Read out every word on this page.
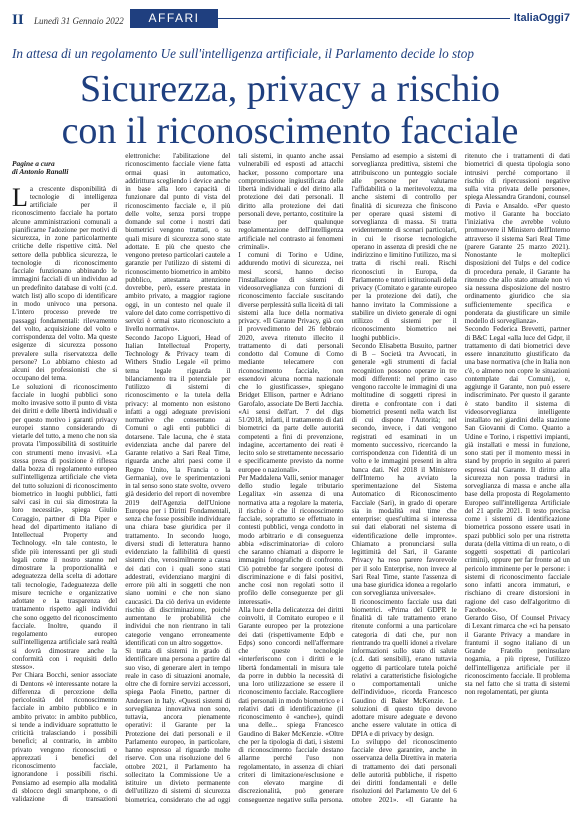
II Lunedì 31 Gennaio 2022	AFFARI LEGALI
ItaliaOggi7
In attesa di un regolamento Ue sull'intelligenza artificiale, il Parlamento decide lo stop
Sicurezza, privacy a rischio
con il riconoscimento facciale
Pagine a cura
di Antonio Ranalli

La crescente disponibilità di tecnologie di intelligenza artificiale per il riconoscimento facciale ha portato alcune amministrazioni comunali a pianificarne l'adozione per motivi di sicurezza, in zone particolarmente critiche delle rispettive città. Nel settore della pubblica sicurezza, le tecnologie di riconoscimento facciale funzionano abbinando le immagini facciali di un individuo ad un predefinito database di volti (c.d. watch list) allo scopo di identificare in modo univoco una persona. L'intero processo prevede tre passaggi fondamentali: rilevamento del volto, acquisizione del volto e corrispondenza del volto. Ma queste esigenze di sicurezza possono prevalere sulla riservatezza delle persone? Lo abbiamo chiesto ad alcuni dei professionisti che si occupano del tema.

Le soluzioni di riconoscimento facciale in luoghi pubblici sono molto invasive sotto il punto di vista dei diritti e delle libertà individuali e per questo motivo i garanti privacy europei stanno considerando di vietarle del tutto, a meno che non sia provata l'impossibilità di sostituirle con strumenti meno invasivi. «La stessa presa di posizione è riflessa dalla bozza di regolamento europeo sull'intelligenza artificiale che vieta del tutto soluzioni di riconoscimento biometrico in luoghi pubblici, fatti salvi casi in cui sia dimostrata la loro necessità», spiega Giulio Coraggio, partner di Dla Piper e head del dipartimento italiano di Intellectual Property and Technology. «In tale contesto, le sfide più interessanti per gli studi legali come il nostro stanno nel dimostrare la proporzionalità e adeguatezza della scelta di adottare tali tecnologie, l'adeguatezza delle misure tecniche e organizzative adottate e la trasparenza del trattamento rispetto agli individui che sono oggetto del riconoscimento facciale. Inoltre, quando il regolamento europeo sull'intelligenza artificiale sarà realtà si dovrà dimostrare anche la conformità con i requisiti dello stesso».

Per Chiara Bocchi, senior associate di Dentons «è interessante notare la differenza di percezione della pericolosità del riconoscimento facciale in ambito pubblico e in ambito privato: in ambito pubblico, si tende a individuare soprattutto le criticità tralasciando i possibili benefici; al contrario, in ambito privato vengono riconosciuti e apprezzati i benefici del riconoscimento facciale, ignorandone i possibili rischi. Pensiamo ad esempio alla modalità di sblocco degli smartphone, o di validazione di transazioni elettroniche: l'abilitazione del riconoscimento facciale viene fatta ormai quasi in automatico, addirittura scegliendo i device anche in base alla loro capacità di funzionare dal punto di vista del riconoscimento facciale e, il più delle volte, senza porsi troppe domande sul come i nostri dati biometrici vengono trattati, o su quali misure di sicurezza sono state adottate. E più che questo che vengono preteso particolari cautele a garanzie per l'utilizzo di sistemi di riconoscimento biometrico in ambito pubblico, attestanta attenzione dovrebbe, però, essere prestata in ambito privato, a maggior ragione oggi, in un contesto nel quale il valore del dato come corrispettivo di servizi è ormai stato riconosciuto a livello normativo».

Secondo Jacopo Liguori, Head of Italian Intellectual Property, Technology & Privacy team di Withers Studio Legale «il primo tema legale riguarda il bilanciamento tra il potenziale per l'utilizzo di sistemi di riconoscimento e la tutela della privacy: al momento non esistono infatti a oggi adeguate previsioni normative che consentano ai Comuni o agli enti pubblici di dotarsene. Tale lacuna, che è stata evidenziata anche dal parere del Garante relativo a Sari Real Time, riguarda anche altri paesi come il Regno Unito, la Francia o la Germania), ove le sperimentazioni in tal senso sono state svolte, ovvero già desiderio del report di novembre 2019 dell'Agenzia dell'Unione Europea per i Diritti Fondamentali, senza che fosse possibile individuare una chiara base giuridica per il trattamento. In secondo luogo, diversi studi di letteratura hanno evidenziato la fallibilità di questi sistemi che, verosimilmente a causa dei dati con i quali sono stati addestrati, evidenziano margini di errore più alti in soggetti che non siano uomini e che non siano caucasici. Da ciò deriva un evidente rischio di discriminazione, poiché aumentano le probabilità che individui che non rientrano in tali categorie vengano erroneamente identificati con un altro soggetto».

Si tratta di sistemi in grado di identificare una persona a partire dal suo viso, di generare alert in tempo reale in caso di situazioni anomale, oltre che di fornire servizi accessori, spiega Paola Finetto, partner di Andersen in Italy. «Questi sistemi di sorveglianza innovativa non sono, tuttavia, ancora pienamente operativi: il Garante per la Protezione dei dati personali e il Parlamento europeo, in particolare, hanno espresso al riguardo molte riserve. Con una risoluzione del 6 ottobre 2021, il Parlamento ha sollecitato la Commissione Ue a istituire un divieto permanente dell'utilizzo di sistemi di sicurezza biometrica, considerato che ad oggi tali sistemi, in quanto anche assai vulnerabili ed esposti ad attacchi hacker, possono comportare una compromissione ingiustificata delle libertà individuali e del diritto alla protezione dei dati personali. Il diritto alla protezione dei dati personali deve, pertanto, costituire la base per qualunque regolamentazione dell'intelligenza artificiale nel contrasto ai fenomeni criminali».

I comuni di Torino e Udine, addurendo motivi di sicurezza, nei mesi scorsi, hanno deciso l'installazione di sistemi di videosorveglianza con funzioni di riconoscimento facciale suscitando diverse perplessità sulla liceità di tali sistemi alla luce della normativa privacy. «Il Garante Privacy, già con il provvedimento del 26 febbraio 2020, aveva ritenuto illecito il trattamento di dati personali condotto dal Comune di Como mediante telecamere con riconoscimento facciale, non essendovi alcuna norma nazionale che lo giustificasse», spiegano Bridget Ellison, partner e Adriano Garofalo, associate De Berti Jacchia. «Ai sensi dell'art. 7 del dlgs 51/2018, infatti, il trattamento di dati biometrici da parte delle autorità competenti a fini di prevenzione, indagine, accertamento dei reati è lecito solo se strettamente necessario e specificamente previsto da norme europee o nazionali».

Per Maddalena Valli, senior manager dello studio legale tributario Legalitax «in assenza di una normativa atta a regolare la materia, il rischio è che il riconoscimento facciale, soprattutto se effettuato in contesti pubblici, venga condotto in modo arbitrario e di conseguenza abbia «discriminatoria» di coloro che saranno chiamati a disporre le immagini fotografiche di confronto. Ciò potrebbe far sorgere ipotesi di discriminazione e di falsi positivi, anche così non regolati sotto il profilo delle conseguenze per gli interessati».

Alla luce della delicatezza dei diritti coinvolti, il Comitato europeo e il Garante europeo per la protezione dei dati (rispettivamente Edpb e Edps) sono concordi nell'affermare che queste tecnologie «interferiscono con i diritti e le libertà fondamentali in misura tale da porre in dubbio la necessità di una loro utilizzazione se essere il riconoscimento facciale. Raccogliere dati personali in modo biometrico e i relativi dati di identificazione (il riconoscimento è «anche»), quindi una delle... spiega Francesco Gaudino di Baker McKenzie. «Oltre che per la tipologia di dati, i sistemi di riconoscimento facciale destano allarme perché l'uso non regolamentato, in assenza di chiari criteri di limitazione/esclusione e con elevato margine di discrezionalità, può generare conseguenze negative sulla persona. Pensiamo ad esempio a sistemi di sorveglianza predittiva, sistemi che attribuiscono un punteggio sociale alle persone per valutarne l'affidabilità o la meritevolezza, ma anche sistemi di controllo per finalità di sicurezza che finiscono per operare quasi sistemi di sorveglianza di massa. Si tratta evidentemente di scenari particolari, in cui le risorse tecnologiche operano in assenza di presidi che ne indirizzino e limitino l'utilizzo, ma si tratta di rischi reali. Rischi riconosciuti in Europa, da Parlamento e tutori istituzionali della privacy (Comitato e garante europeo per la protezione dei dati), che hanno invitato la Commissione a stabilire un divieto generale di ogni utilizzo di sistemi per il riconoscimento biometrico nei luoghi pubblici».

Secondo Elisabetta Busuito, partner di B – Società tra Avvocati, in generale «gli strumenti di facial recognition possono operare in tre modi differenti: nel primo caso vengono raccolte le immagini di una moltitudine di soggetti ripresi in diretta e confrontate con i dati biometrici presenti nella watch list di cui dispone l'Autorità; nel secondo, invece, i dati vengono registrati ed esaminati in un momento successivo, ricercando la corrispondenza con l'identità di un volto e le immagini presenti in altra banca dati. Nel 2018 il Ministero dell'Interno ha avviato la sperimentazione del Sistema Automatico di Riconoscimento Facciale (Sari), in grado di operare sia in modalità real time che enterprise: quest'ultima si interessa sui dati elaborati nel sistema di «identificazione delle impronte». Chiamato a pronunciarsi sulla legittimità del Sari, il Garante Privacy ha reso parere favorevole per il solo Enterprise, non invece al Sari Real Time, stante l'assenza di una base giuridica idonea a regolarlo con sorveglianza universale».

Il riconoscimento facciale usa dati biometrici. «Prima del GDPR le finalità di tale trattamento erano ritenute conformi a una particolare categoria di dati che, pur non rientrando tra quelli idonei a rivelare informazioni sullo stato di salute (c.d. dati sensibili), erano tuttavia oggetto di particolare tutela poiché relativi a caratteristiche fisiologiche o comportamentali uniche dell'individuo», ricorda Francesco Gaudino di Baker McKenzie. Le soluzioni di questo tipo devono adottare misure adeguate e devono anche essere valutate in ottica di DPIA e di privacy by design.

Lo sviluppo del riconoscimento facciale deve garantire, anche in osservanza della Direttiva in materia di trattamento dei dati personali delle autorità pubbliche, il rispetto dei diritti fondamentali e delle risoluzioni del Parlamento Ue del 6 ottobre 2021». «Il Garante ha ritenuto che i trattamenti di dati biometrici di questa tipologia sono intrusivi perché comportano il rischio di ripercussioni negative sulla vita privata delle persone», spiega Alessandra Grandoni, counsel di Pavia e Ansaldo. «Per questo motivo il Garante ha bocciato l'iniziativa che avrebbe voluto promuovere il Ministero dell'Interno attraverso il sistema Sari Real Time (parere Garante 25 marzo 2021). Nonostante le molteplici disposizioni del Tulps e del codice di procedura penale, il Garante ha ritenuto che allo stato attuale non vi sia nessuna disposizione del nostro ordinamento giuridico che sia sufficientemente specifica e ponderata da giustificare un simile modello di sorveglianza».

Secondo Federica Brevetti, partner di B&C Legal «alla luce del Gdpr, il trattamento di dati biometrici deve essere innanzitutto giustificato da una base normativa (che in Italia non c'è, o almeno non copre le situazioni contemplate dai Comuni), e, aggiunge il Garante, non può essere indiscriminato. Per questo il garante è stato bandito il sistema di videosorveglianza intelligente installato nei giardini della stazione San Giovanni di Como. Quanto a Udine e Torino, i rispettivi impianti, già installati e messi in funzione, sono stati per il momento messi in stand by proprio in seguito ai pareri espressi dal Garante. Il diritto alla sicurezza non possa tradursi in sorveglianza di massa e anche alla base della proposta di Regolamento Europeo sull'intelligenza Artificiale del 21 aprile 2021. Il testo precisa come i sistemi di identificazione biometrica possono essere usati in spazi pubblici solo per una ristretta durata (della vittima di un reato, o di soggetti sospettati di particolari crimini), oppure per far fronte ad un pericolo imminente per le persone: i sistemi di riconoscimento facciale sono infatti ancora immaturi, e rischiano di creare distorsioni in ragione del caso dell'algoritmo di Facebook».

Gerardo Giso, Of Counsel Privacy di Lexant rimarca che «ci ha pensato il Garante Privacy a mandare in frantumi il sogno italiano di un Grande Fratello peninsulare nogamia, a più riprese, l'utilizzo dell'intelligenza artificiale per il riconoscimento facciale. Il problema sta nel fatto che si tratta di sistemi non regolamentati, per giunta
